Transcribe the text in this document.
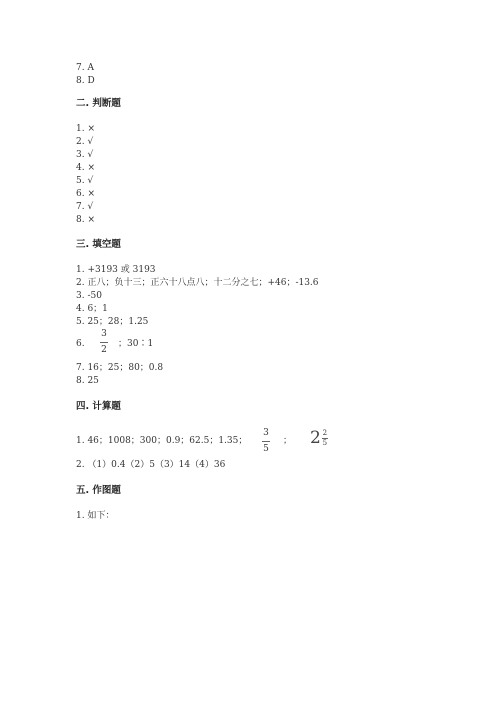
7. A
8. D
二. 判断题
1. ×
2. √
3. √
4. ×
5. √
6. ×
7. √
8. ×
三. 填空题
1. +3193 或 3193
2. 正八；负十三；正六十八点八；十二分之七；+46；-13.6
3. -50
4. 6；1
5. 25；28；1.25
6.
3
2
；30∶1
7. 16；25；80；0.8
8. 25
四. 计算题
1. 46；1008；300；0.9；62.5；1.35；
3
5
； $2 \frac{2}{5}$
2. （1）0.4（2）5（3）14（4）36
五. 作图题
1. 如下：
